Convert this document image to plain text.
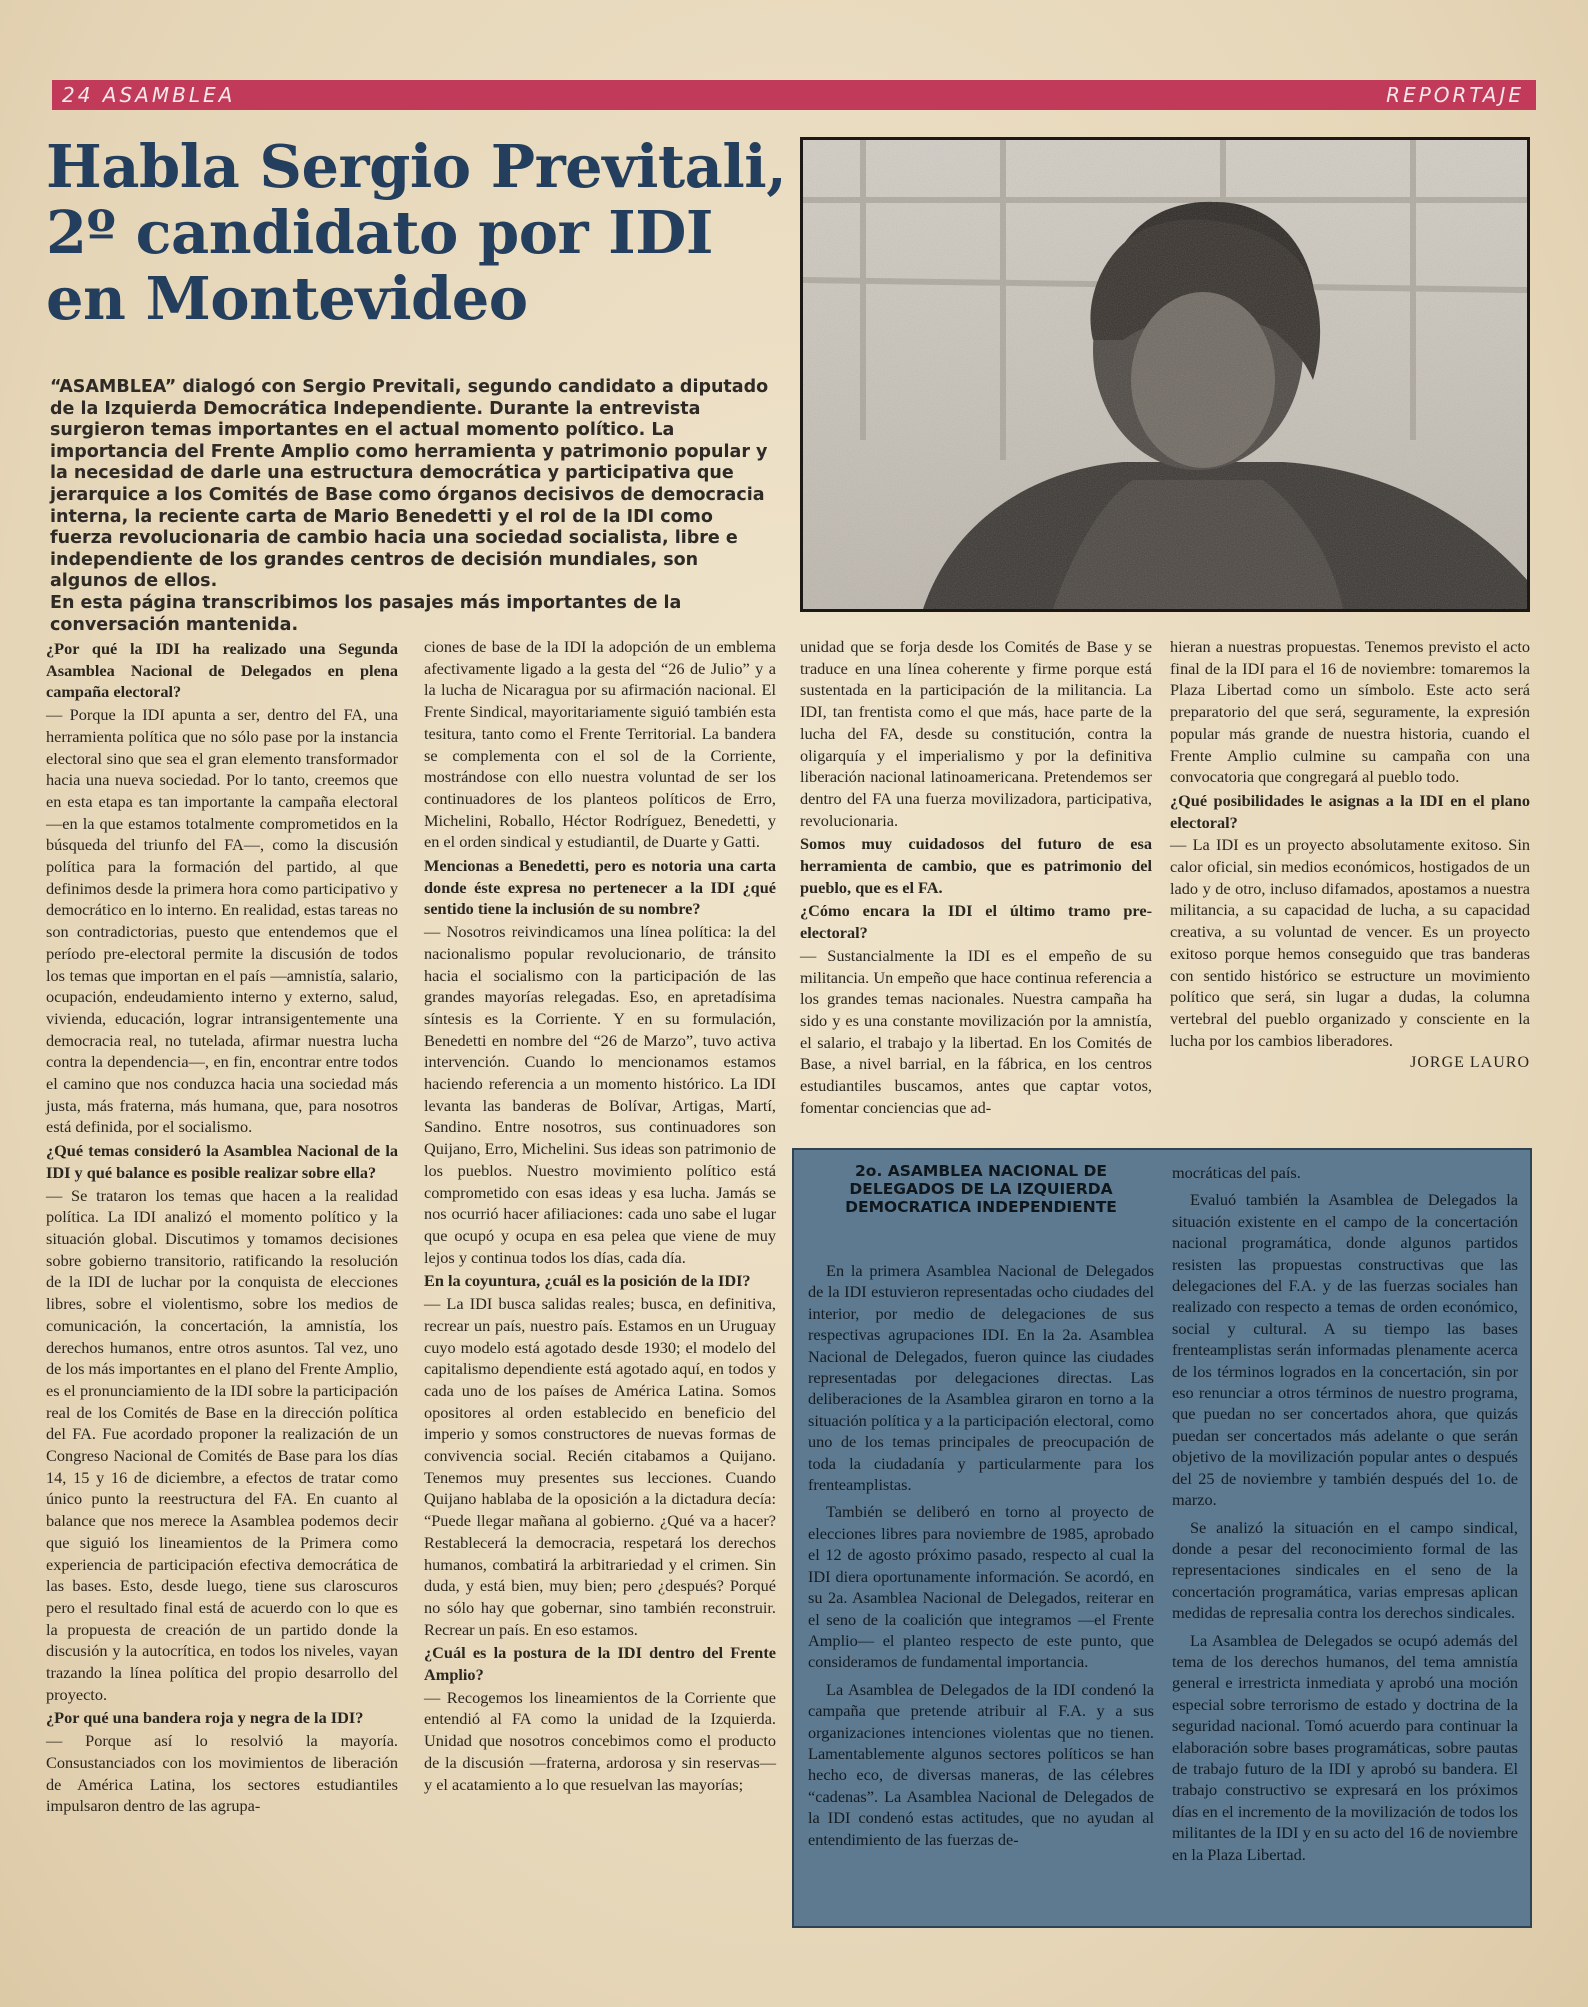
24 ASAMBLEA	REPORTAJE
Habla Sergio Previtali,
2º candidato por IDI
en Montevideo

“ASAMBLEA” dialogó con Sergio Previtali, segundo candidato a diputado de la Izquierda Democrática Independiente. Durante la entrevista surgieron temas importantes en el actual momento político. La importancia del Frente Amplio como herramienta y patrimonio popular y la necesidad de darle una estructura democrática y participativa que jerarquice a los Comités de Base como órganos decisivos de democracia interna, la reciente carta de Mario Benedetti y el rol de la IDI como fuerza revolucionaria de cambio hacia una sociedad socialista, libre e independiente de los grandes centros de decisión mundiales, son algunos de ellos.

En esta página transcribimos los pasajes más importantes de la conversación mantenida.

¿Por qué la IDI ha realizado una Segunda Asamblea Nacional de Delegados en plena campaña electoral?

— Porque la IDI apunta a ser, dentro del FA, una herramienta política que no sólo pase por la instancia electoral sino que sea el gran elemento transformador hacia una nueva sociedad. Por lo tanto, creemos que en esta etapa es tan importante la campaña electoral —en la que estamos totalmente comprometidos en la búsqueda del triunfo del FA—, como la discusión política para la formación del partido, al que definimos desde la primera hora como participativo y democrático en lo interno. En realidad, estas tareas no son contradictorias, puesto que entendemos que el período pre-electoral permite la discusión de todos los temas que importan en el país —amnistía, salario, ocupación, endeudamiento interno y externo, salud, vivienda, educación, lograr intransigentemente una democracia real, no tutelada, afirmar nuestra lucha contra la dependencia—, en fin, encontrar entre todos el camino que nos conduzca hacia una sociedad más justa, más fraterna, más humana, que, para nosotros está definida, por el socialismo.

¿Qué temas consideró la Asamblea Nacional de la IDI y qué balance es posible realizar sobre ella?

— Se trataron los temas que hacen a la realidad política. La IDI analizó el momento político y la situación global. Discutimos y tomamos decisiones sobre gobierno transitorio, ratificando la resolución de la IDI de luchar por la conquista de elecciones libres, sobre el violentismo, sobre los medios de comunicación, la concertación, la amnistía, los derechos humanos, entre otros asuntos. Tal vez, uno de los más importantes en el plano del Frente Amplio, es el pronunciamiento de la IDI sobre la participación real de los Comités de Base en la dirección política del FA. Fue acordado proponer la realización de un Congreso Nacional de Comités de Base para los días 14, 15 y 16 de diciembre, a efectos de tratar como único punto la reestructura del FA. En cuanto al balance que nos merece la Asamblea podemos decir que siguió los lineamientos de la Primera como experiencia de participación efectiva democrática de las bases. Esto, desde luego, tiene sus claroscuros pero el resultado final está de acuerdo con lo que es la propuesta de creación de un partido donde la discusión y la autocrítica, en todos los niveles, vayan trazando la línea política del propio desarrollo del proyecto.

¿Por qué una bandera roja y negra de la IDI?

— Porque así lo resolvió la mayoría. Consustanciados con los movimientos de liberación de América Latina, los sectores estudiantiles impulsaron dentro de las agrupa-

ciones de base de la IDI la adopción de un emblema afectivamente ligado a la gesta del “26 de Julio” y a la lucha de Nicaragua por su afirmación nacional. El Frente Sindical, mayoritariamente siguió también esta tesitura, tanto como el Frente Territorial. La bandera se complementa con el sol de la Corriente, mostrándose con ello nuestra voluntad de ser los continuadores de los planteos políticos de Erro, Michelini, Roballo, Héctor Rodríguez, Benedetti, y en el orden sindical y estudiantil, de Duarte y Gatti.

Mencionas a Benedetti, pero es notoria una carta donde éste expresa no pertenecer a la IDI ¿qué sentido tiene la inclusión de su nombre?

— Nosotros reivindicamos una línea política: la del nacionalismo popular revolucionario, de tránsito hacia el socialismo con la participación de las grandes mayorías relegadas. Eso, en apretadísima síntesis es la Corriente. Y en su formulación, Benedetti en nombre del “26 de Marzo”, tuvo activa intervención. Cuando lo mencionamos estamos haciendo referencia a un momento histórico. La IDI levanta las banderas de Bolívar, Artigas, Martí, Sandino. Entre nosotros, sus continuadores son Quijano, Erro, Michelini. Sus ideas son patrimonio de los pueblos. Nuestro movimiento político está comprometido con esas ideas y esa lucha. Jamás se nos ocurrió hacer afiliaciones: cada uno sabe el lugar que ocupó y ocupa en esa pelea que viene de muy lejos y continua todos los días, cada día.

En la coyuntura, ¿cuál es la posición de la IDI?

— La IDI busca salidas reales; busca, en definitiva, recrear un país, nuestro país. Estamos en un Uruguay cuyo modelo está agotado desde 1930; el modelo del capitalismo dependiente está agotado aquí, en todos y cada uno de los países de América Latina. Somos opositores al orden establecido en beneficio del imperio y somos constructores de nuevas formas de convivencia social. Recién citabamos a Quijano. Tenemos muy presentes sus lecciones. Cuando Quijano hablaba de la oposición a la dictadura decía: “Puede llegar mañana al gobierno. ¿Qué va a hacer? Restablecerá la democracia, respetará los derechos humanos, combatirá la arbitrariedad y el crimen. Sin duda, y está bien, muy bien; pero ¿después? Porqué no sólo hay que gobernar, sino también reconstruir. Recrear un país. En eso estamos.

¿Cuál es la postura de la IDI dentro del Frente Amplio?

— Recogemos los lineamientos de la Corriente que entendió al FA como la unidad de la Izquierda. Unidad que nosotros concebimos como el producto de la discusión —fraterna, ardorosa y sin reservas— y el acatamiento a lo que resuelvan las mayorías;

unidad que se forja desde los Comités de Base y se traduce en una línea coherente y firme porque está sustentada en la participación de la militancia. La IDI, tan frentista como el que más, hace parte de la lucha del FA, desde su constitución, contra la oligarquía y el imperialismo y por la definitiva liberación nacional latinoamericana. Pretendemos ser dentro del FA una fuerza movilizadora, participativa, revolucionaria.

Somos muy cuidadosos del futuro de esa herramienta de cambio, que es patrimonio del pueblo, que es el FA.

¿Cómo encara la IDI el último tramo pre-electoral?

— Sustancialmente la IDI es el empeño de su militancia. Un empeño que hace continua referencia a los grandes temas nacionales. Nuestra campaña ha sido y es una constante movilización por la amnistía, el salario, el trabajo y la libertad. En los Comités de Base, a nivel barrial, en la fábrica, en los centros estudiantiles buscamos, antes que captar votos, fomentar conciencias que ad-

hieran a nuestras propuestas. Tenemos previsto el acto final de la IDI para el 16 de noviembre: tomaremos la Plaza Libertad como un símbolo. Este acto será preparatorio del que será, seguramente, la expresión popular más grande de nuestra historia, cuando el Frente Amplio culmine su campaña con una convocatoria que congregará al pueblo todo.

¿Qué posibilidades le asignas a la IDI en el plano electoral?

— La IDI es un proyecto absolutamente exitoso. Sin calor oficial, sin medios económicos, hostigados de un lado y de otro, incluso difamados, apostamos a nuestra militancia, a su capacidad de lucha, a su capacidad creativa, a su voluntad de vencer. Es un proyecto exitoso porque hemos conseguido que tras banderas con sentido histórico se estructure un movimiento político que será, sin lugar a dudas, la columna vertebral del pueblo organizado y consciente en la lucha por los cambios liberadores.

JORGE LAURO

2o. ASAMBLEA NACIONAL DE DELEGADOS DE LA IZQUIERDA DEMOCRATICA INDEPENDIENTE

En la primera Asamblea Nacional de Delegados de la IDI estuvieron representadas ocho ciudades del interior, por medio de delegaciones de sus respectivas agrupaciones IDI. En la 2a. Asamblea Nacional de Delegados, fueron quince las ciudades representadas por delegaciones directas. Las deliberaciones de la Asamblea giraron en torno a la situación política y a la participación electoral, como uno de los temas principales de preocupación de toda la ciudadanía y particularmente para los frenteamplistas.

También se deliberó en torno al proyecto de elecciones libres para noviembre de 1985, aprobado el 12 de agosto próximo pasado, respecto al cual la IDI diera oportunamente información. Se acordó, en su 2a. Asamblea Nacional de Delegados, reiterar en el seno de la coalición que integramos —el Frente Amplio— el planteo respecto de este punto, que consideramos de fundamental importancia.

La Asamblea de Delegados de la IDI condenó la campaña que pretende atribuir al F.A. y a sus organizaciones intenciones violentas que no tienen. Lamentablemente algunos sectores políticos se han hecho eco, de diversas maneras, de las célebres “cadenas”. La Asamblea Nacional de Delegados de la IDI condenó estas actitudes, que no ayudan al entendimiento de las fuerzas de-

mocráticas del país.

Evaluó también la Asamblea de Delegados la situación existente en el campo de la concertación nacional programática, donde algunos partidos resisten las propuestas constructivas que las delegaciones del F.A. y de las fuerzas sociales han realizado con respecto a temas de orden económico, social y cultural. A su tiempo las bases frenteamplistas serán informadas plenamente acerca de los términos logrados en la concertación, sin por eso renunciar a otros términos de nuestro programa, que puedan no ser concertados ahora, que quizás puedan ser concertados más adelante o que serán objetivo de la movilización popular antes o después del 25 de noviembre y también después del 1o. de marzo.

Se analizó la situación en el campo sindical, donde a pesar del reconocimiento formal de las representaciones sindicales en el seno de la concertación programática, varias empresas aplican medidas de represalia contra los derechos sindicales.

La Asamblea de Delegados se ocupó además del tema de los derechos humanos, del tema amnistía general e irrestricta inmediata y aprobó una moción especial sobre terrorismo de estado y doctrina de la seguridad nacional. Tomó acuerdo para continuar la elaboración sobre bases programáticas, sobre pautas de trabajo futuro de la IDI y aprobó su bandera. El trabajo constructivo se expresará en los próximos días en el incremento de la movilización de todos los militantes de la IDI y en su acto del 16 de noviembre en la Plaza Libertad.
